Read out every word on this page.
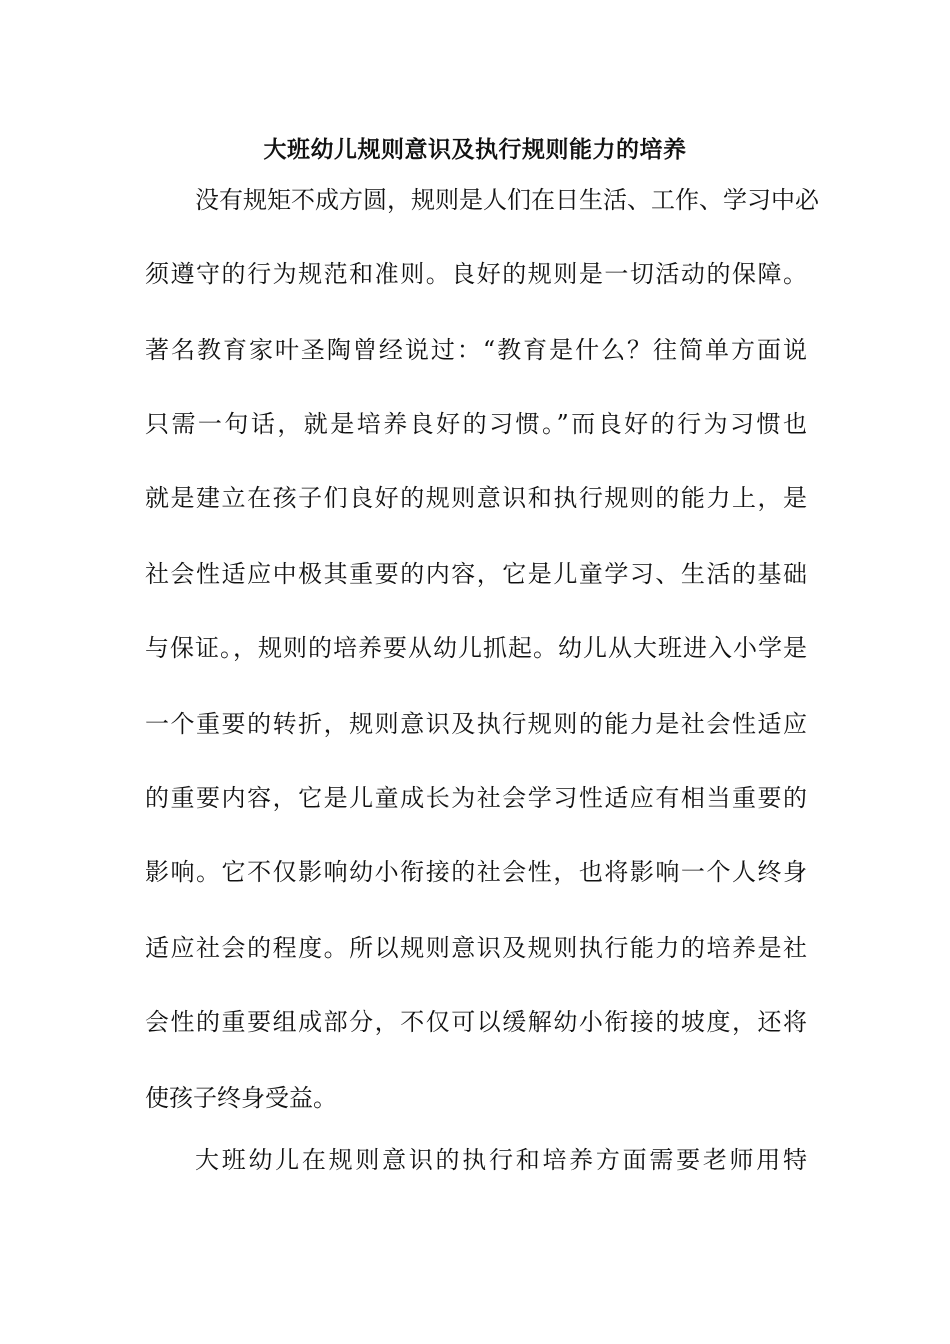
大班幼儿规则意识及执行规则能力的培养
没有规矩不成方圆，规则是人们在日生活、工作、学习中必
须遵守的行为规范和准则。良好的规则是一切活动的保障。
著名教育家叶圣陶曾经说过：“教育是什么？往简单方面说
只需一句话，就是培养良好的习惯。”而良好的行为习惯也
就是建立在孩子们良好的规则意识和执行规则的能力上，是
社会性适应中极其重要的内容，它是儿童学习、生活的基础
与保证。，规则的培养要从幼儿抓起。幼儿从大班进入小学是
一个重要的转折，规则意识及执行规则的能力是社会性适应
的重要内容，它是儿童成长为社会学习性适应有相当重要的
影响。它不仅影响幼小衔接的社会性，也将影响一个人终身
适应社会的程度。所以规则意识及规则执行能力的培养是社
会性的重要组成部分，不仅可以缓解幼小衔接的坡度，还将
使孩子终身受益。
大班幼儿在规则意识的执行和培养方面需要老师用特
